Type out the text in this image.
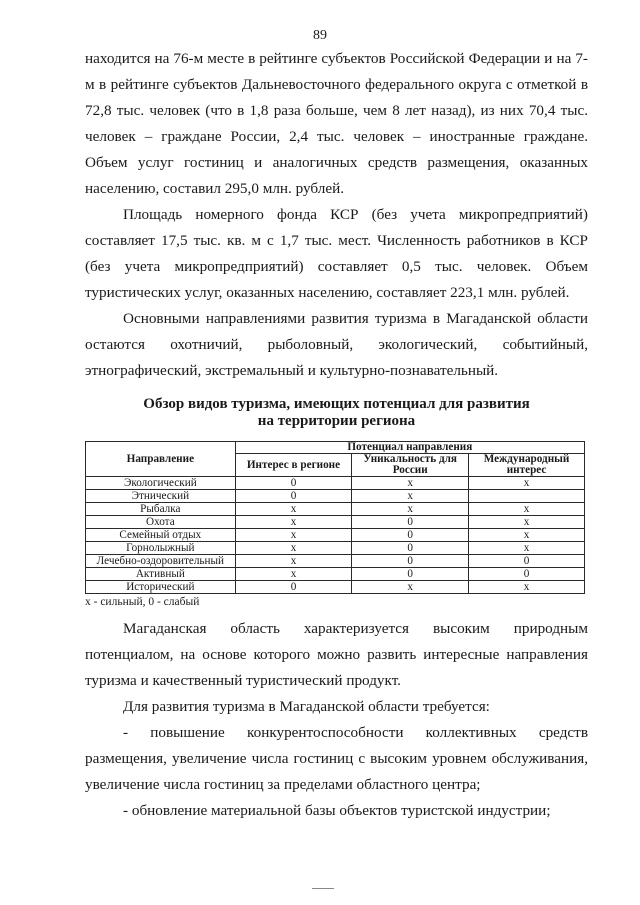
89

находится на 76-м месте в рейтинге субъектов Российской Федерации и на 7-м в рейтинге субъектов Дальневосточного федерального округа с отметкой в 72,8 тыс. человек (что в 1,8 раза больше, чем 8 лет назад), из них 70,4 тыс. человек – граждане России, 2,4 тыс. человек – иностранные граждане. Объем услуг гостиниц и аналогичных средств размещения, оказанных населению, составил 295,0 млн. рублей.

Площадь номерного фонда КСР (без учета микропредприятий) составляет 17,5 тыс. кв. м с 1,7 тыс. мест. Численность работников в КСР (без учета микропредприятий) составляет 0,5 тыс. человек. Объем туристических услуг, оказанных населению, составляет 223,1 млн. рублей.

Основными направлениями развития туризма в Магаданской области остаются охотничий, рыболовный, экологический, событийный, этнографический, экстремальный и культурно-познавательный.

Обзор видов туризма, имеющих потенциал для развития
на территории региона
Направление	Потенциал направления		
	Интерес в регионе	Уникальность для России	Международный интерес
Экологический	0	x	x
Этнический	0	x	
Рыбалка	x	x	x
Охота	x	0	x
Семейный отдых	x	0	x
Горнолыжный	x	0	x
Лечебно-оздоровительный	x	0	0
Активный	x	0	0
Исторический	0	x	x

x - сильный, 0 - слабый

Магаданская область характеризуется высоким природным потенциалом, на основе которого можно развить интересные направления туризма и качественный туристический продукт.

Для развития туризма в Магаданской области требуется:

- повышение конкурентоспособности коллективных средств размещения, увеличение числа гостиниц с высоким уровнем обслуживания, увеличение числа гостиниц за пределами областного центра;

- обновление материальной базы объектов туристской индустрии;
